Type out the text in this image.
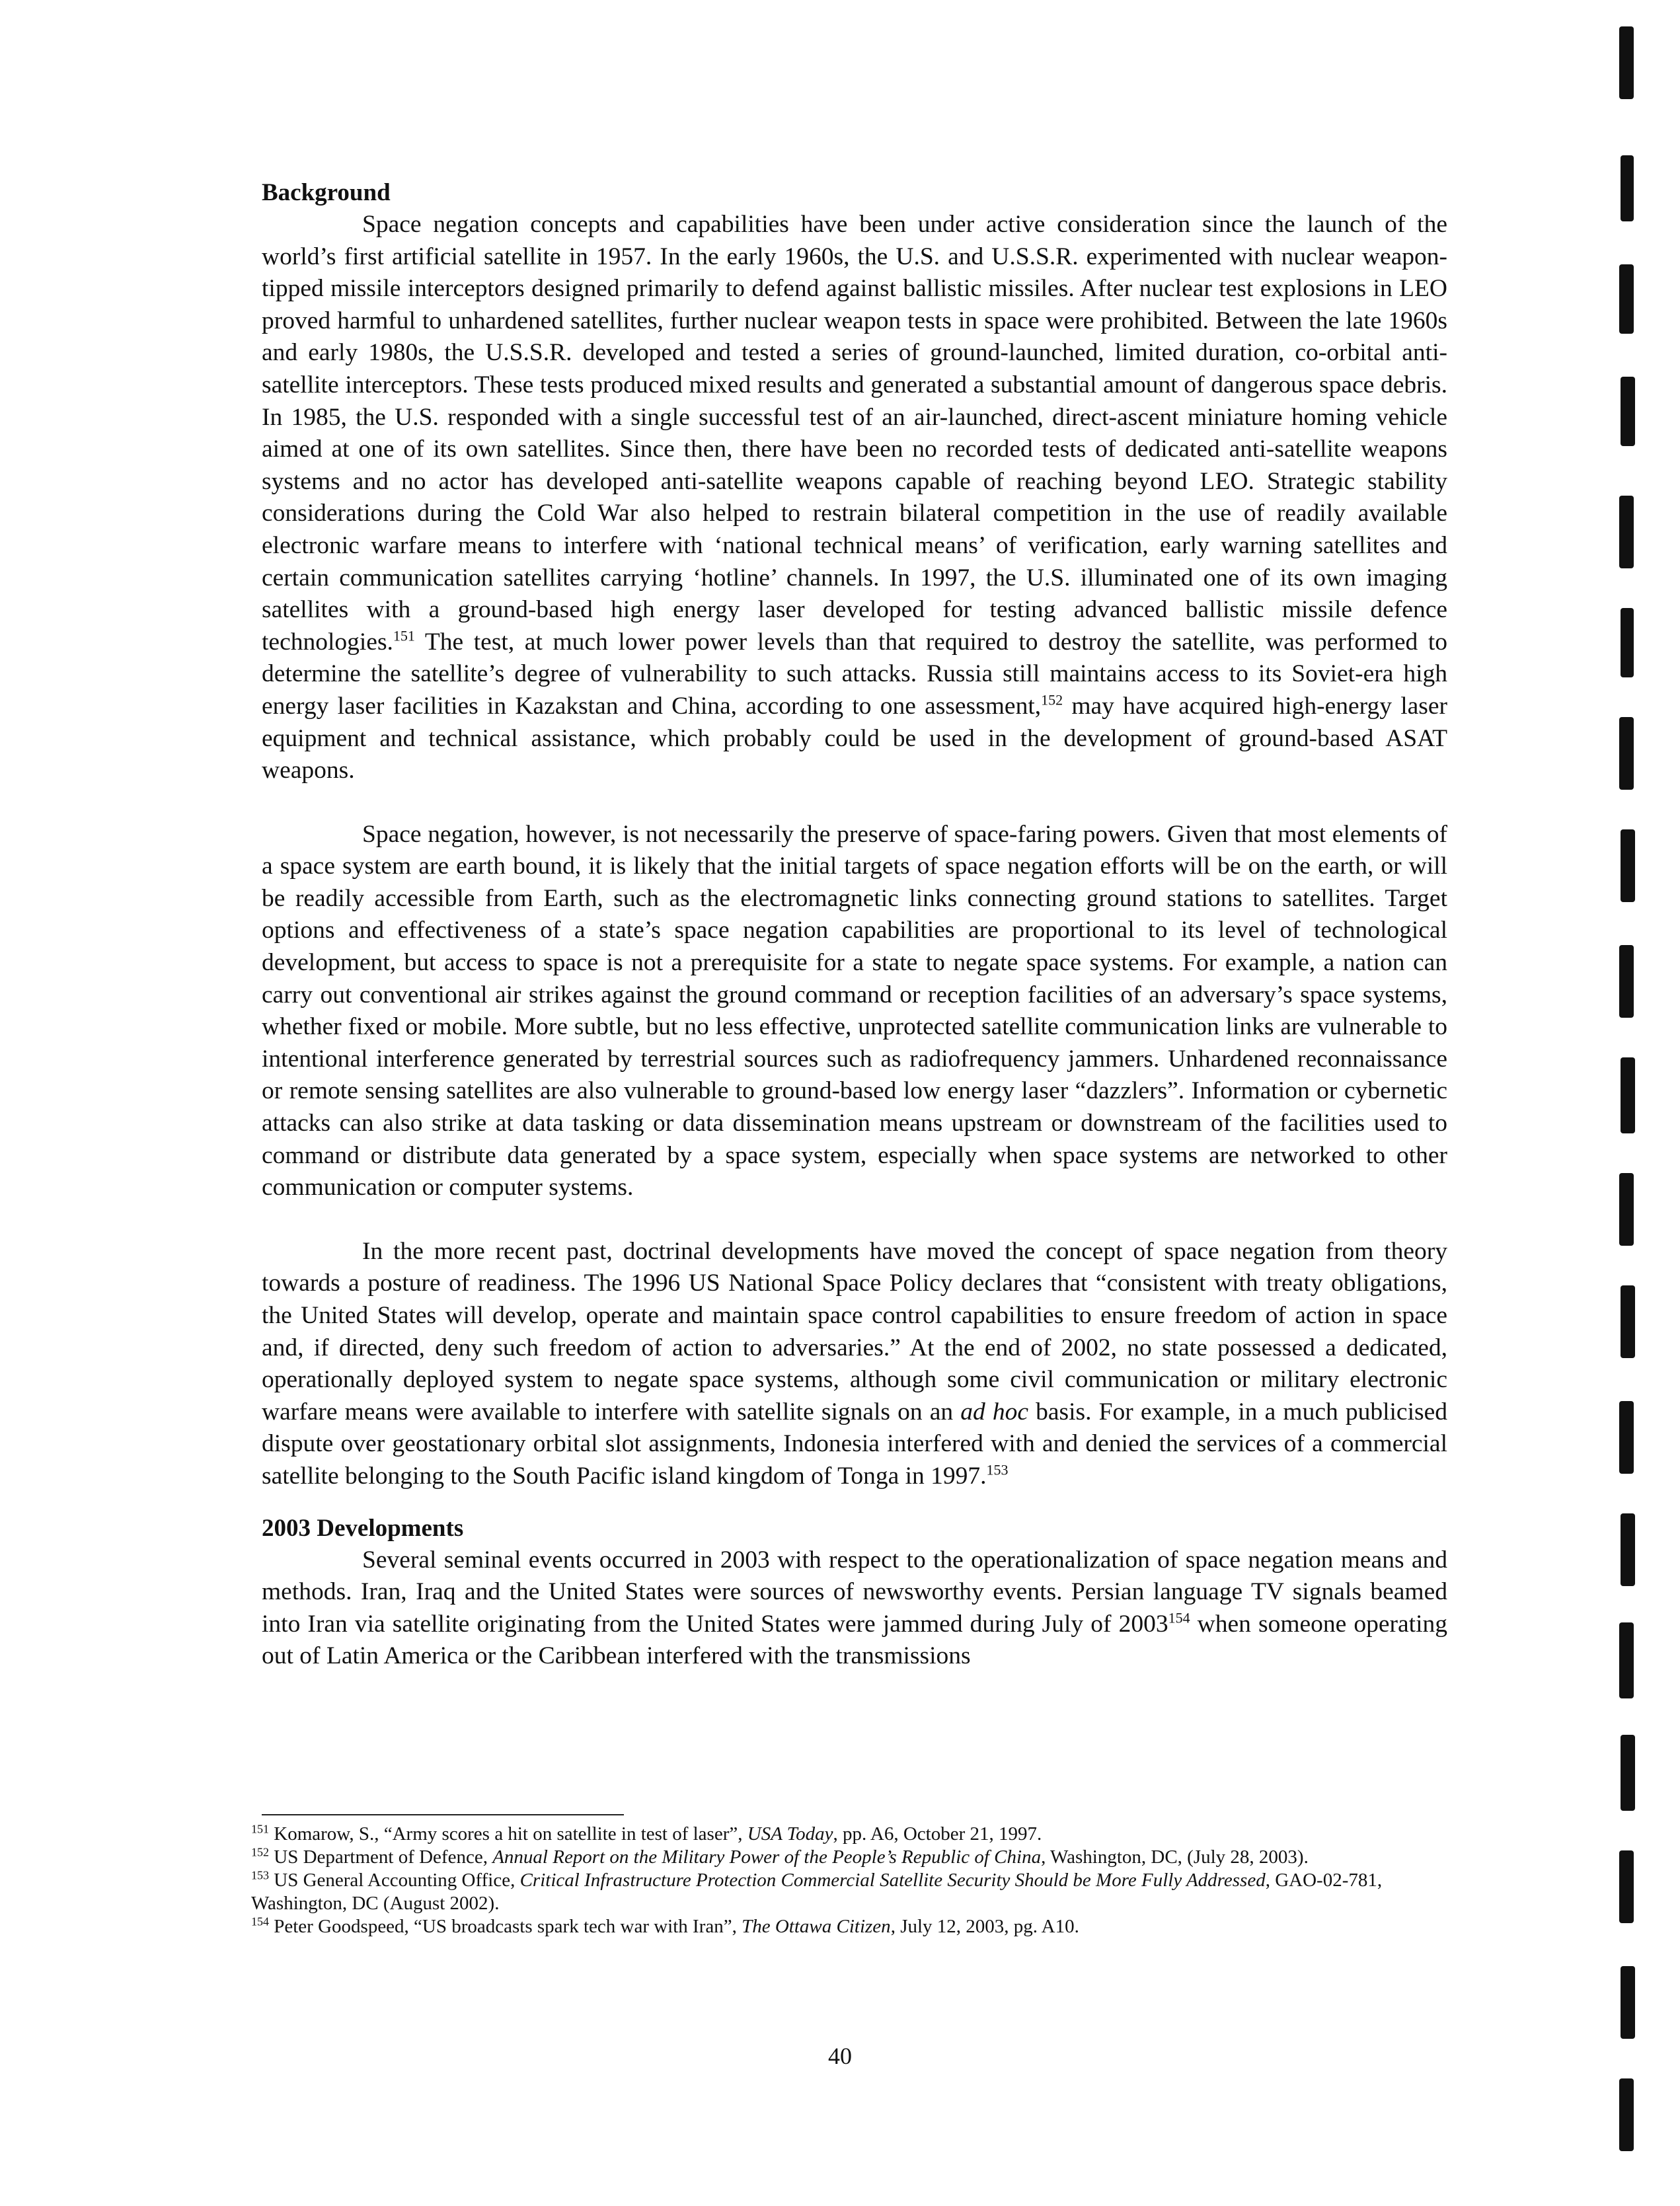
Background

Space negation concepts and capabilities have been under active consideration since the launch of the world’s first artificial satellite in 1957. In the early 1960s, the U.S. and U.S.S.R. experimented with nuclear weapon-tipped missile interceptors designed primarily to defend against ballistic missiles. After nuclear test explosions in LEO proved harmful to unhardened satellites, further nuclear weapon tests in space were prohibited. Between the late 1960s and early 1980s, the U.S.S.R. developed and tested a series of ground-launched, limited duration, co-orbital anti-satellite interceptors. These tests produced mixed results and generated a substantial amount of dangerous space debris. In 1985, the U.S. responded with a single successful test of an air-launched, direct-ascent miniature homing vehicle aimed at one of its own satellites. Since then, there have been no recorded tests of dedicated anti-satellite weapons systems and no actor has developed anti-satellite weapons capable of reaching beyond LEO. Strategic stability considerations during the Cold War also helped to restrain bilateral competition in the use of readily available electronic warfare means to interfere with ‘national technical means’ of verification, early warning satellites and certain communication satellites carrying ‘hotline’ channels. In 1997, the U.S. illuminated one of its own imaging satellites with a ground-based high energy laser developed for testing advanced ballistic missile defence technologies.$^{151}$ The test, at much lower power levels than that required to destroy the satellite, was performed to determine the satellite’s degree of vulnerability to such attacks. Russia still maintains access to its Soviet-era high energy laser facilities in Kazakstan and China, according to one assessment,$^{152}$ may have acquired high-energy laser equipment and technical assistance, which probably could be used in the development of ground-based ASAT weapons.

Space negation, however, is not necessarily the preserve of space-faring powers. Given that most elements of a space system are earth bound, it is likely that the initial targets of space negation efforts will be on the earth, or will be readily accessible from Earth, such as the electromagnetic links connecting ground stations to satellites. Target options and effectiveness of a state’s space negation capabilities are proportional to its level of technological development, but access to space is not a prerequisite for a state to negate space systems. For example, a nation can carry out conventional air strikes against the ground command or reception facilities of an adversary’s space systems, whether fixed or mobile. More subtle, but no less effective, unprotected satellite communication links are vulnerable to intentional interference generated by terrestrial sources such as radiofrequency jammers. Unhardened reconnaissance or remote sensing satellites are also vulnerable to ground-based low energy laser “dazzlers”. Information or cybernetic attacks can also strike at data tasking or data dissemination means upstream or downstream of the facilities used to command or distribute data generated by a space system, especially when space systems are networked to other communication or computer systems.

In the more recent past, doctrinal developments have moved the concept of space negation from theory towards a posture of readiness. The 1996 US National Space Policy declares that “consistent with treaty obligations, the United States will develop, operate and maintain space control capabilities to ensure freedom of action in space and, if directed, deny such freedom of action to adversaries.” At the end of 2002, no state possessed a dedicated, operationally deployed system to negate space systems, although some civil communication or military electronic warfare means were available to interfere with satellite signals on an ad hoc basis. For example, in a much publicised dispute over geostationary orbital slot assignments, Indonesia interfered with and denied the services of a commercial satellite belonging to the South Pacific island kingdom of Tonga in 1997.$^{153}$

2003 Developments

Several seminal events occurred in 2003 with respect to the operationalization of space negation means and methods. Iran, Iraq and the United States were sources of newsworthy events. Persian language TV signals beamed into Iran via satellite originating from the United States were jammed during July of 2003$^{154}$ when someone operating out of Latin America or the Caribbean interfered with the transmissions

$^{151}$ Komarow, S., “Army scores a hit on satellite in test of laser”, USA Today, pp. A6, October 21, 1997.

$^{152}$ US Department of Defence, Annual Report on the Military Power of the People’s Republic of China, Washington, DC, (July 28, 2003).

$^{153}$ US General Accounting Office, Critical Infrastructure Protection Commercial Satellite Security Should be More Fully Addressed, GAO-02-781, Washington, DC (August 2002).

$^{154}$ Peter Goodspeed, “US broadcasts spark tech war with Iran”, The Ottawa Citizen, July 12, 2003, pg. A10.

40
